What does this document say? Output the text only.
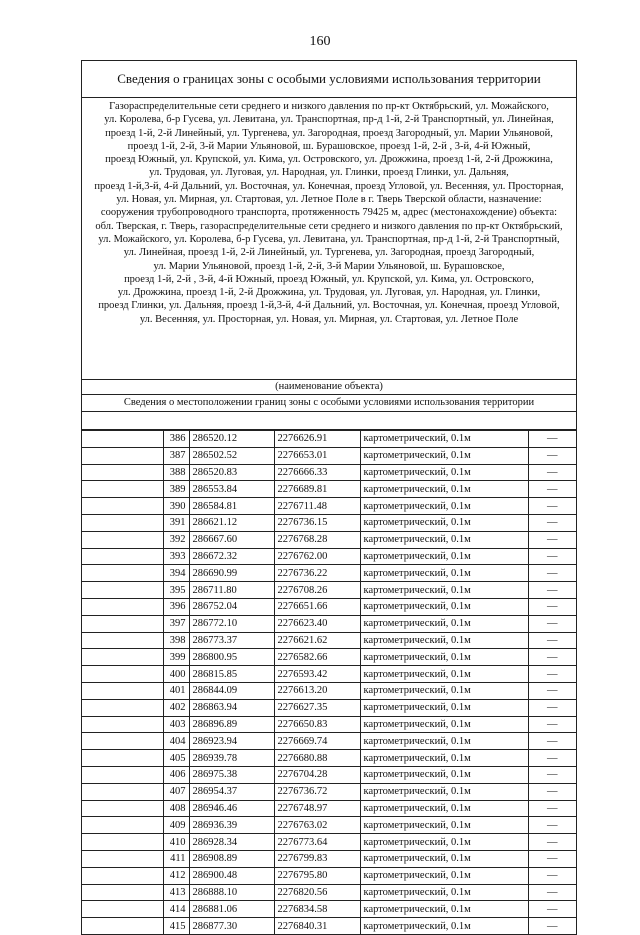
160
Сведения о границах зоны с особыми условиями использования территории
Газораспределительные сети среднего и низкого давления по пр-кт Октябрьский, ул. Можайского,
ул. Королева, б-р Гусева, ул. Левитана, ул. Транспортная, пр-д 1-й, 2-й Транспортный, ул. Линейная,
проезд 1-й, 2-й Линейный, ул. Тургенева, ул. Загородная, проезд Загородный, ул. Марии Ульяновой,
проезд 1-й, 2-й, 3-й Марии Ульяновой, ш. Бурашовское, проезд 1-й, 2-й , 3-й, 4-й Южный,
проезд Южный, ул. Крупской, ул. Кима, ул. Островского, ул. Дрожжина, проезд 1-й, 2-й Дрожжина,
ул. Трудовая, ул. Луговая, ул. Народная, ул. Глинки, проезд Глинки, ул. Дальняя,
проезд 1-й,3-й, 4-й Дальний, ул. Восточная, ул. Конечная, проезд Угловой, ул. Весенняя, ул. Просторная,
ул. Новая, ул. Мирная, ул. Стартовая, ул. Летное Поле в г. Тверь Тверской области, назначение:
сооружения трубопроводного транспорта, протяженность 79425 м, адрес (местонахождение) объекта:
обл. Тверская, г. Тверь, газораспределительные сети среднего и низкого давления по пр-кт Октябрьский,
ул. Можайского, ул. Королева, б-р Гусева, ул. Левитана, ул. Транспортная, пр-д 1-й, 2-й Транспортный,
ул. Линейная, проезд 1-й, 2-й Линейный, ул. Тургенева, ул. Загородная, проезд Загородный,
ул. Марии Ульяновой, проезд 1-й, 2-й, 3-й Марии Ульяновой, ш. Бурашовское,
проезд 1-й, 2-й , 3-й, 4-й Южный, проезд Южный, ул. Крупской, ул. Кима, ул. Островского,
ул. Дрожжина, проезд 1-й, 2-й Дрожжина, ул. Трудовая, ул. Луговая, ул. Народная, ул. Глинки,
проезд Глинки, ул. Дальняя, проезд 1-й,3-й, 4-й Дальний, ул. Восточная, ул. Конечная, проезд Угловой,
ул. Весенняя, ул. Просторная, ул. Новая, ул. Мирная, ул. Стартовая, ул. Летное Поле
(наименование объекта)
Сведения о местоположении границ зоны с особыми условиями использования территории
	386	286520.12	2276626.91	картометрический, 0.1м	—
	387	286502.52	2276653.01	картометрический, 0.1м	—
	388	286520.83	2276666.33	картометрический, 0.1м	—
	389	286553.84	2276689.81	картометрический, 0.1м	—
	390	286584.81	2276711.48	картометрический, 0.1м	—
	391	286621.12	2276736.15	картометрический, 0.1м	—
	392	286667.60	2276768.28	картометрический, 0.1м	—
	393	286672.32	2276762.00	картометрический, 0.1м	—
	394	286690.99	2276736.22	картометрический, 0.1м	—
	395	286711.80	2276708.26	картометрический, 0.1м	—
	396	286752.04	2276651.66	картометрический, 0.1м	—
	397	286772.10	2276623.40	картометрический, 0.1м	—
	398	286773.37	2276621.62	картометрический, 0.1м	—
	399	286800.95	2276582.66	картометрический, 0.1м	—
	400	286815.85	2276593.42	картометрический, 0.1м	—
	401	286844.09	2276613.20	картометрический, 0.1м	—
	402	286863.94	2276627.35	картометрический, 0.1м	—
	403	286896.89	2276650.83	картометрический, 0.1м	—
	404	286923.94	2276669.74	картометрический, 0.1м	—
	405	286939.78	2276680.88	картометрический, 0.1м	—
	406	286975.38	2276704.28	картометрический, 0.1м	—
	407	286954.37	2276736.72	картометрический, 0.1м	—
	408	286946.46	2276748.97	картометрический, 0.1м	—
	409	286936.39	2276763.02	картометрический, 0.1м	—
	410	286928.34	2276773.64	картометрический, 0.1м	—
	411	286908.89	2276799.83	картометрический, 0.1м	—
	412	286900.48	2276795.80	картометрический, 0.1м	—
	413	286888.10	2276820.56	картометрический, 0.1м	—
	414	286881.06	2276834.58	картометрический, 0.1м	—
	415	286877.30	2276840.31	картометрический, 0.1м	—
